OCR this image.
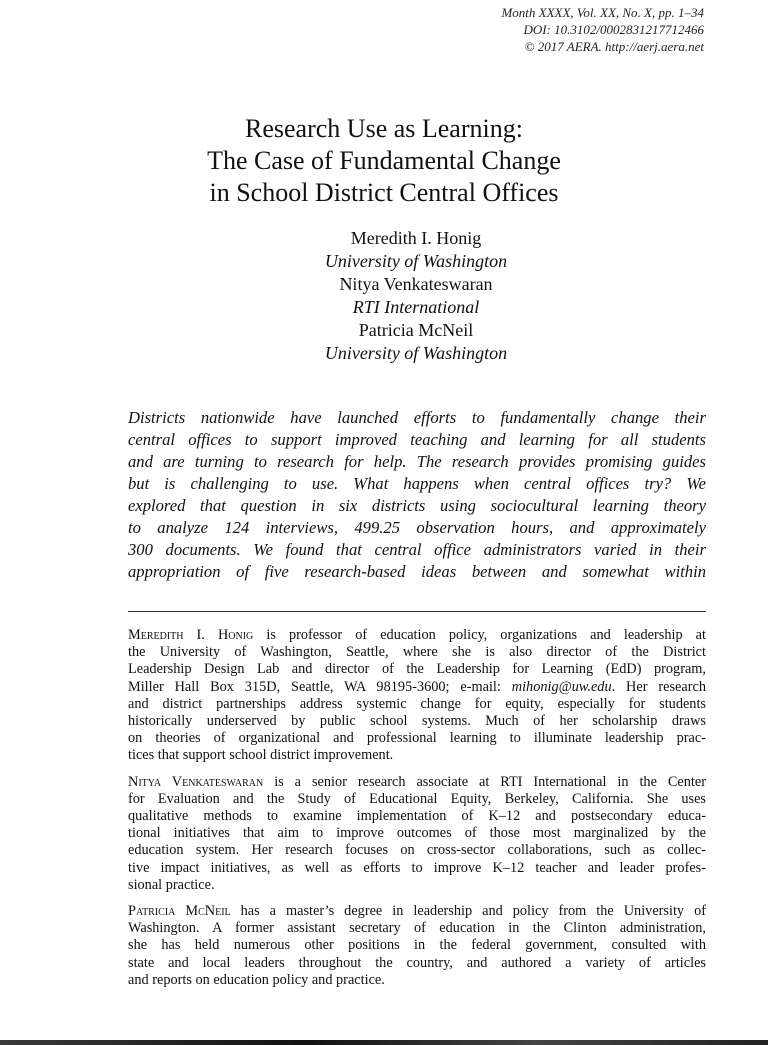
Month XXXX, Vol. XX, No. X, pp. 1–34
DOI: 10.3102/0002831217712466
© 2017 AERA. http://aerj.aera.net
Research Use as Learning:
The Case of Fundamental Change
in School District Central Offices
Meredith I. Honig
University of Washington
Nitya Venkateswaran
RTI International
Patricia McNeil
University of Washington
Districts nationwide have launched efforts to fundamentally change their
central offices to support improved teaching and learning for all students
and are turning to research for help. The research provides promising guides
but is challenging to use. What happens when central offices try? We
explored that question in six districts using sociocultural learning theory
to analyze 124 interviews, 499.25 observation hours, and approximately
300 documents. We found that central office administrators varied in their
appropriation of five research-based ideas between and somewhat within
Meredith I. Honig is professor of education policy, organizations and leadership at
the University of Washington, Seattle, where she is also director of the District
Leadership Design Lab and director of the Leadership for Learning (EdD) program,
Miller Hall Box 315D, Seattle, WA 98195-3600; e-mail: mihonig@uw.edu. Her research
and district partnerships address systemic change for equity, especially for students
historically underserved by public school systems. Much of her scholarship draws
on theories of organizational and professional learning to illuminate leadership prac-
tices that support school district improvement.
Nitya Venkateswaran is a senior research associate at RTI International in the Center
for Evaluation and the Study of Educational Equity, Berkeley, California. She uses
qualitative methods to examine implementation of K–12 and postsecondary educa-
tional initiatives that aim to improve outcomes of those most marginalized by the
education system. Her research focuses on cross-sector collaborations, such as collec-
tive impact initiatives, as well as efforts to improve K–12 teacher and leader profes-
sional practice.
Patricia McNeil has a master’s degree in leadership and policy from the University of
Washington. A former assistant secretary of education in the Clinton administration,
she has held numerous other positions in the federal government, consulted with
state and local leaders throughout the country, and authored a variety of articles
and reports on education policy and practice.
